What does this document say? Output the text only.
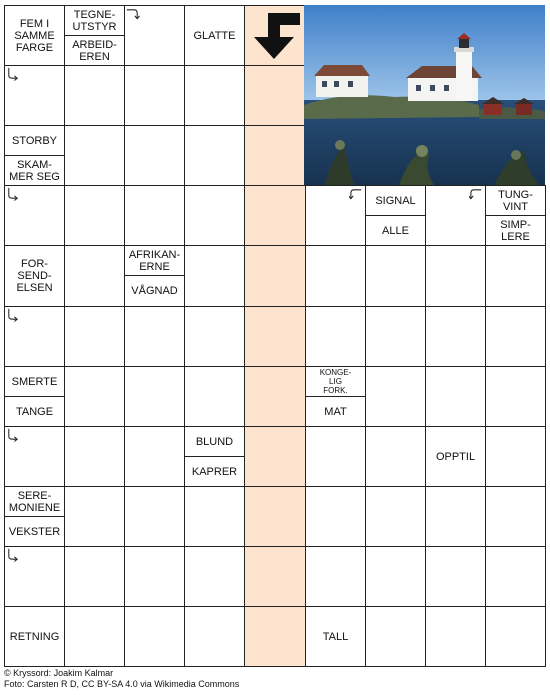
FEM I
SAMME
FARGE
TEGNE-
UTSTYR
ARBEID-
EREN
GLATTE
STORBY
SKAM-
MER SEG
SIGNAL
ALLE
TUNG-
VINT
SIMP-
LERE
FOR-
SEND-
ELSEN
AFRIKAN-
ERNE
VÅGNAD
SMERTE
TANGE
KONGE-
LIG
FORK.
MAT
BLUND
KAPRER
OPPTIL
SERE-
MONIENE
VEKSTER
RETNING	TALL
© Kryssord: Joakim Kalmar
Foto: Carsten R D, CC BY-SA 4.0 via Wikimedia Commons
